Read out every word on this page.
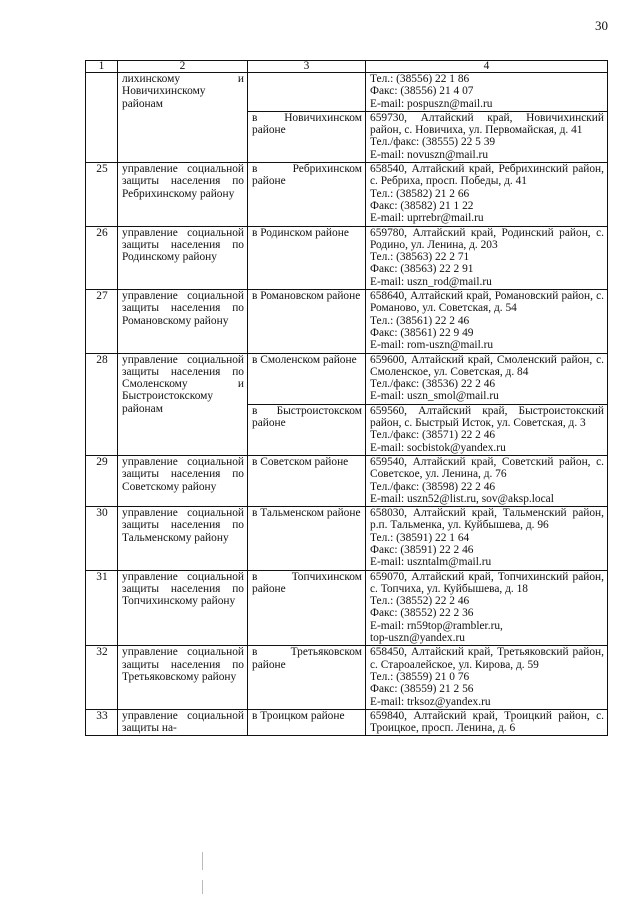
30
1	2	3	4
	лихинскому и Новичихинскому районам		Тел.: (38556) 22 1 86
Факс: (38556) 21 4 07
E-mail: pospuszn@mail.ru

		в Новичихинском районе	659730, Алтайский край, Новичихинский район, с. Новичиха, ул. Первомайская, д. 41
Тел./факс: (38555) 22 5 39
E-mail: novuszn@mail.ru

25	управление социальной защиты населения по Ребрихинскому району	в Ребрихинском районе	658540, Алтайский край, Ребрихинский район, с. Ребриха, просп. Победы, д. 41
Тел.: (38582) 21 2 66
Факс: (38582) 21 1 22
E-mail: uprrebr@mail.ru

26	управление социальной защиты населения по Родинскому району	в Родинском районе	659780, Алтайский край, Родинский район, с. Родино, ул. Ленина, д. 203
Тел.: (38563) 22 2 71
Факс: (38563) 22 2 91
E-mail: uszn_rod@mail.ru

27	управление социальной защиты населения по Романовскому району	в Романовском районе	658640, Алтайский край, Романовский район, с. Романово, ул. Советская, д. 54
Тел.: (38561) 22 2 46
Факс: (38561) 22 9 49
E-mail: rom-uszn@mail.ru

28	управление социальной защиты населения по Смоленскому и Быстроистокскому районам	в Смоленском районе	659600, Алтайский край, Смоленский район, с. Смоленское, ул. Советская, д. 84
Тел./факс: (38536) 22 2 46
E-mail: uszn_smol@mail.ru

		в Быстроистокском районе	659560, Алтайский край, Быстроистокский район, с. Быстрый Исток, ул. Советская, д. 3
Тел./факс: (38571) 22 2 46
E-mail: socbistok@yandex.ru

29	управление социальной защиты населения по Советскому району	в Советском районе	659540, Алтайский край, Советский район, с. Советское, ул. Ленина, д. 76
Тел./факс: (38598) 22 2 46
E-mail: uszn52@list.ru, sov@aksp.local

30	управление социальной защиты населения по Тальменскому району	в Тальменском районе	658030, Алтайский край, Тальменский район, р.п. Тальменка, ул. Куйбышева, д. 96
Тел.: (38591) 22 1 64
Факс: (38591) 22 2 46
E-mail: uszntalm@mail.ru

31	управление социальной защиты населения по Топчихинскому району	в Топчихинском районе	659070, Алтайский край, Топчихинский район, с. Топчиха, ул. Куйбышева, д. 18
Тел.: (38552) 22 2 46
Факс: (38552) 22 2 36
E-mail: rn59top@rambler.ru,
top-uszn@yandex.ru

32	управление социальной защиты населения по Третьяковскому району	в Третьяковском районе	658450, Алтайский край, Третьяковский район, с. Староалейское, ул. Кирова, д. 59
Тел.: (38559) 21 0 76
Факс: (38559) 21 2 56
E-mail: trksoz@yandex.ru

33	управление социальной защиты на-	в Троицком районе	659840, Алтайский край, Троицкий район, с. Троицкое, просп. Ленина, д. 6
